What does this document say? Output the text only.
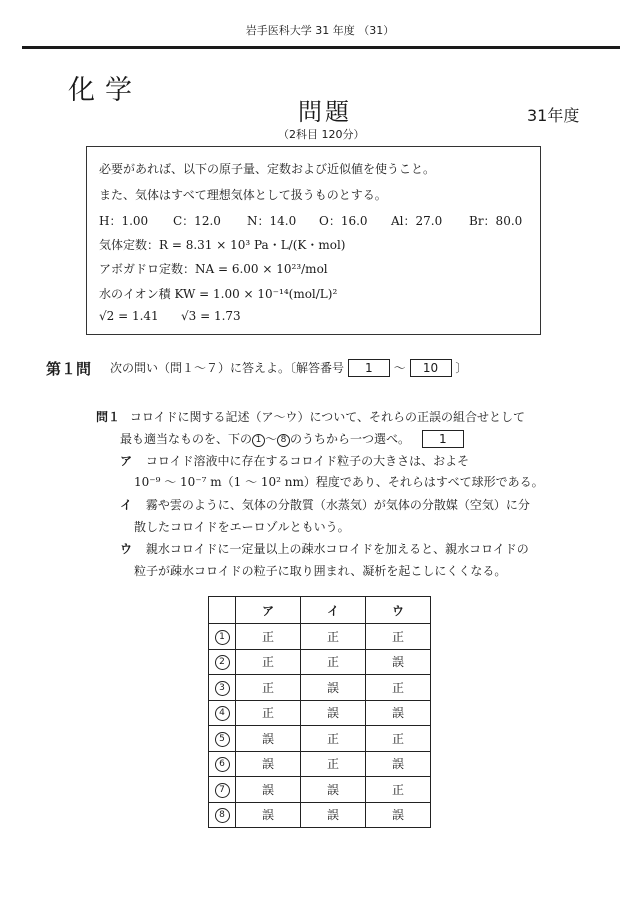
岩手医科大学 31 年度 （31）
化学
問題	31年度
（2科目 120分）
必要があれば、以下の原子量、定数および近似値を使うこと。
また、気体はすべて理想気体として扱うものとする。
H：1.00 C：12.0 N：14.0 O：16.0 Al：27.0 Br：80.0
気体定数：R = 8.31 × 10³ Pa・L/(K・mol)
アボガドロ定数：NA = 6.00 × 10²³/mol
水のイオン積 KW = 1.00 × 10⁻¹⁴(mol/L)²
√2 = 1.41 √3 = 1.73
第１問 次の問い（問１〜７）に答えよ。〔解答番号 1 〜 10 〕
問１ コロイドに関する記述（ア〜ウ）について、それらの正誤の組合せとして
最も適当なものを、下の 1 〜 8 のうちから一つ選べ。 1
ア コロイド溶液中に存在するコロイド粒子の大きさは、およそ
10⁻⁹ 〜 10⁻⁷ m（1 〜 10² nm）程度であり、それらはすべて球形である。
イ 霧や雲のように、気体の分散質（水蒸気）が気体の分散媒（空気）に分
散したコロイドをエーロゾルともいう。
ウ 親水コロイドに一定量以上の疎水コロイドを加えると、親水コロイドの
粒子が疎水コロイドの粒子に取り囲まれ、凝析を起こしにくくなる。
	ア	イ	ウ
1	正	正	正
2	正	正	誤
3	正	誤	正
4	正	誤	誤
5	誤	正	正
6	誤	正	誤
7	誤	誤	正
8	誤	誤	誤
